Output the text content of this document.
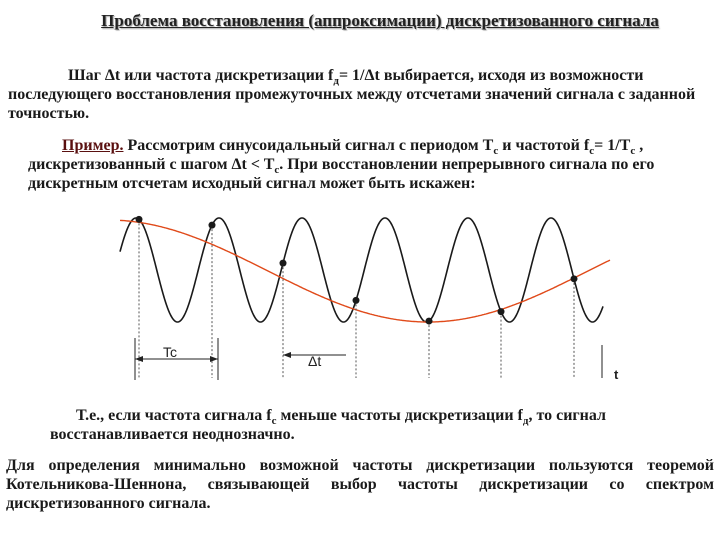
Проблема восстановления (аппроксимации) дискретизованного сигнала
Шаг Δt или частота дискретизации $f_д= 1/\Delta t$ выбирается, исходя из возможности последующего восстановления промежуточных между отсчетами значений сигнала с заданной точностью.
Пример. Рассмотрим синусоидальный сигнал с периодом $T_c$ и частотой $f_c= 1/T_c$ , дискретизованный с шагом $\Delta t < T_c$. При восстановлении непрерывного сигнала по его дискретным отсчетам исходный сигнал может быть искажен:
Tc
Δt
t
Т.е., если частота сигнала $f_с$ меньше частоты дискретизации $f_д$, то сигнал восстанавливается неоднозначно.
Для определения минимально возможной частоты дискретизации пользуются теоремой Котельникова-Шеннона, связывающей выбор частоты дискретизации со спектром дискретизованного сигнала.
